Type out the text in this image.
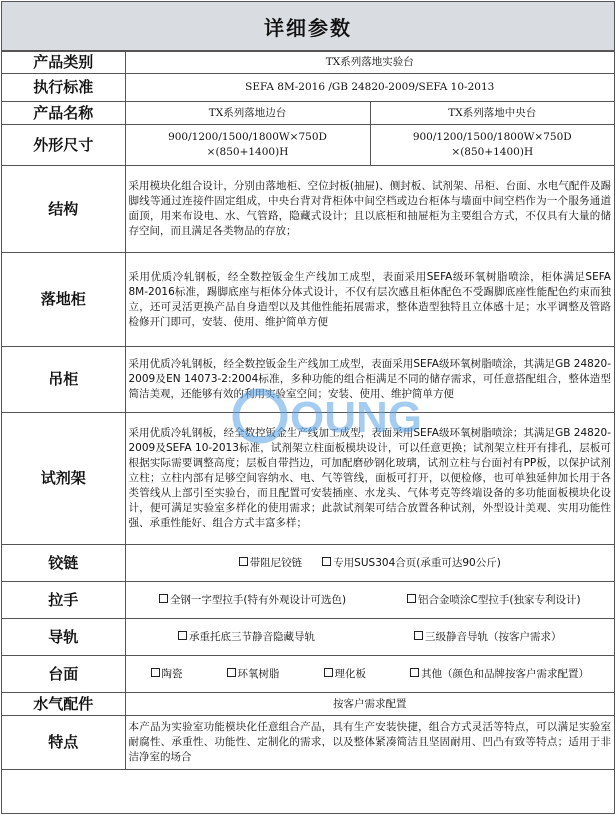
详细参数
产品类别	TX系列落地实验台	
执行标准	SEFA 8M-2016 /GB 24820-2009/SEFA 10-2013	
产品名称	TX系列落地边台	TX系列落地中央台
外形尺寸	900/1200/1500/1800W×750D ×(850+1400)H	900/1200/1500/1800W×750D ×(850+1400)H
结构	采用模块化组合设计，分别由落地柜、空位封板(抽屉)、侧封板、试剂架、吊柜、台面、水电气配件及踢脚线等通过连接件固定组成，中央台背对背柜体中间空档或边台柜体与墙面中间空档作为一个服务通道面顶，用来布设电、水、气管路，隐藏式设计；且以底柜和抽屉柜为主要组合方式，不仅具有大量的储存空间，而且满足各类物品的存放；	
落地柜	采用优质冷轧钢板，经全数控钣金生产线加工成型，表面采用SEFA级环氧树脂喷涂，柜体满足SEFA 8M-2016标准，踢脚底座与柜体分体式设计，不仅有层次感且柜体配色不受踢脚底座性能配色约束而独立，还可灵活更换产品自身造型以及其他性能拓展需求，整体造型独特且立体感十足；水平调整及管路检修开门即可，安装、使用、维护简单方便	
吊柜	采用优质冷轧钢板，经全数控钣金生产线加工成型，表面采用SEFA级环氧树脂喷涂，其满足GB 24820-2009及EN 14073-2:2004标准，多种功能的组合柜满足不同的储存需求，可任意搭配组合，整体造型简洁美观，还能够有效的利用实验室空间；安装、使用、维护简单方便	
试剂架	采用优质冷轧钢板，经全数控钣金生产线加工成型，表面采用SEFA级环氧树脂喷涂；其满足GB 24820-2009及SEFA 10-2013标准，试剂架立柱面板模块设计，可以任意更换；试剂架立柱开有排孔，层板可根据实际需要调整高度；层板自带挡边，可加配磨砂钢化玻璃，试剂立柱与台面衬有PP板，以保护试剂立柱；立柱内部有足够空间容纳水、电、气等管线，面板可打开，以便检修，也可单独延伸加长用于各类管线从上部引至实验台，而且配置可安装插座、水龙头、气体考克等终端设备的多功能面板模块化设计，便可满足实验室多样化的使用需求；此款试剂架可结合放置各种试剂，外型设计美观、实用功能性强、承重性能好、组合方式丰富多样；	
铰链	带阻尼铰链 专用SUS304合页(承重可达90公斤)	

拉手	全钢一字型拉手(特有外观设计可选色) 铝合金喷涂C型拉手(独家专利设计)	

导轨	承重托底三节静音隐藏导轨 三级静音导轨（按客户需求）	

台面	陶瓷 环氧树脂 理化板 其他（颜色和品牌按客户需求配置）	

水气配件	按客户需求配置	
特点	本产品为实验室功能模块化任意组合产品，具有生产安装快捷，组合方式灵活等特点，可以满足实验室耐腐性、承重性、功能性、定制化的需求，以及整体紧凑简洁且坚固耐用、凹凸有致等特点；适用于非洁净室的场合	
OUNG
